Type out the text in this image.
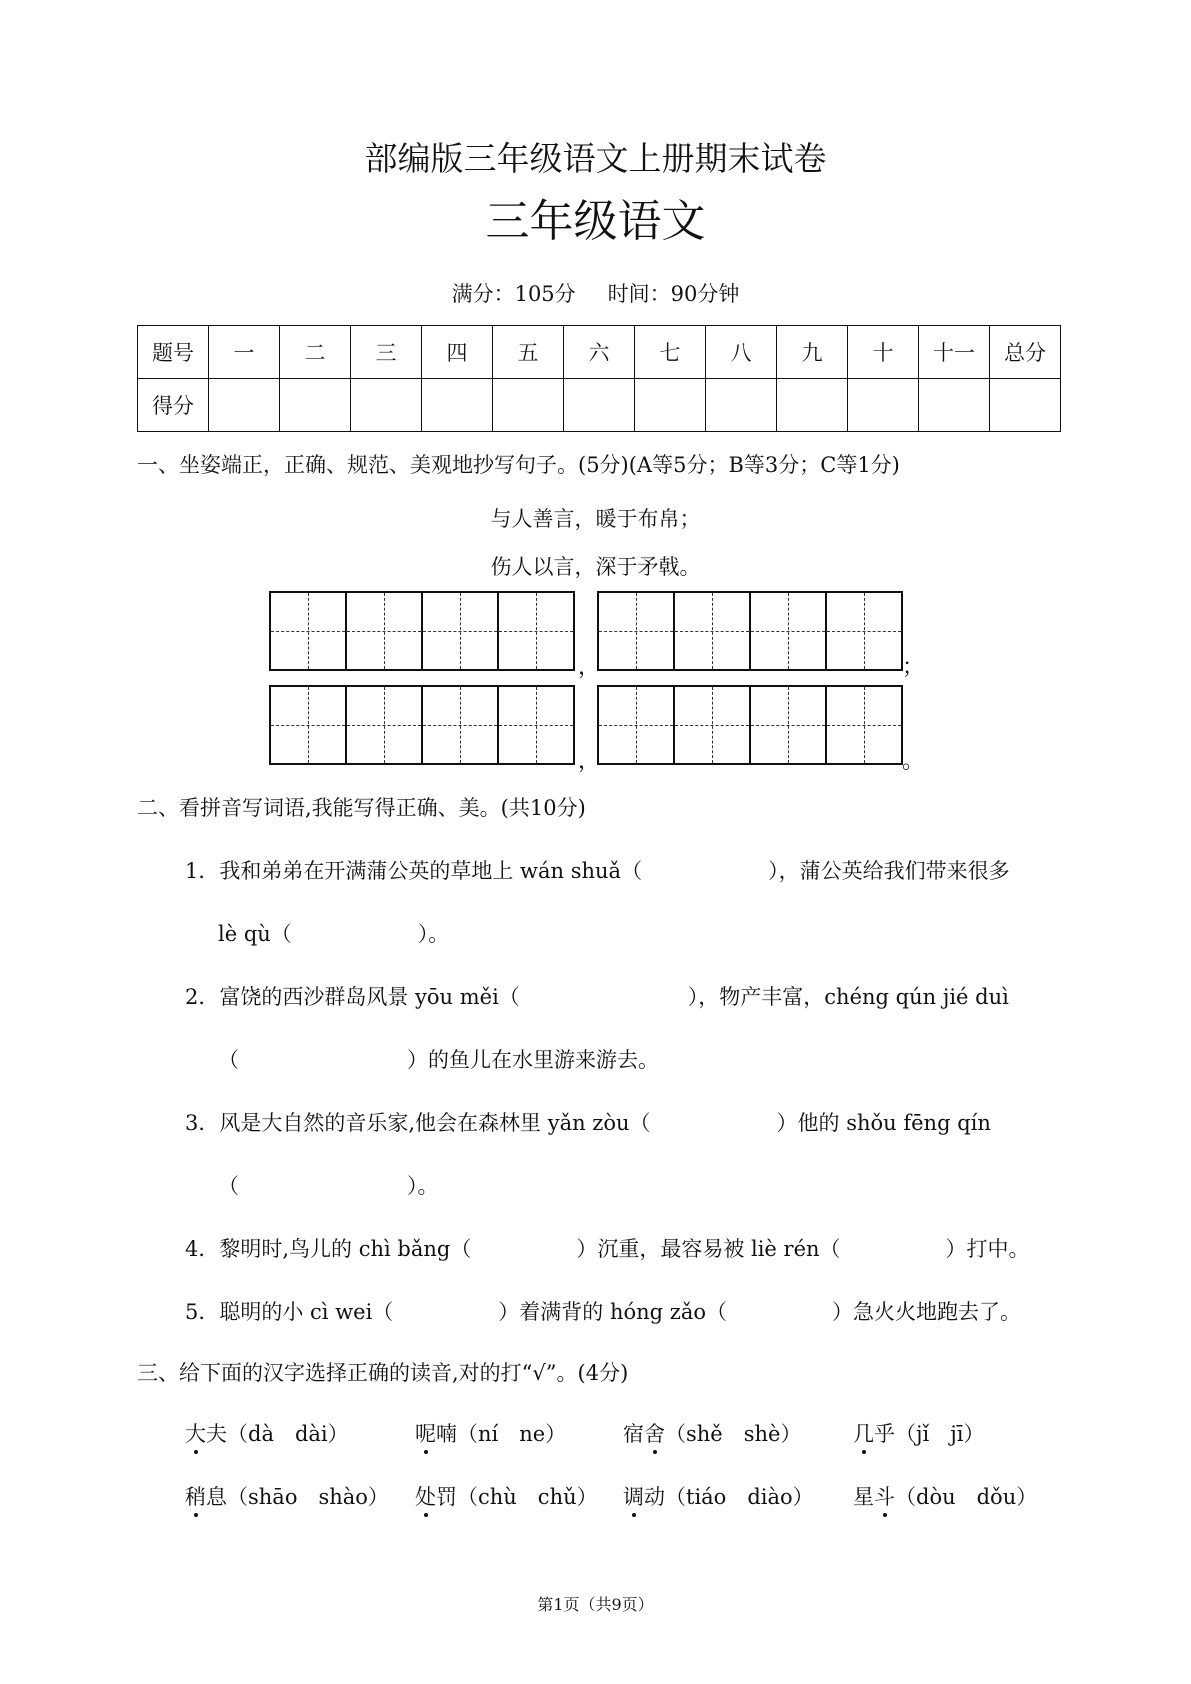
部编版三年级语文上册期末试卷
三年级语文
满分：105分 时间：90分钟
题号	一	二	三	四	五	六	七	八	九	十	十一	总分
得分												
一、坐姿端正，正确、规范、美观地抄写句子。(5分)(A等5分；B等3分；C等1分)
与人善言，暖于布帛；
伤人以言，深于矛戟。
，	；
，	。
二、看拼音写词语,我能写得正确、美。(共10分)
1．我和弟弟在开满蒲公英的草地上 wán shuǎ（　　　　　　），蒲公英给我们带来很多
lè qù（　　　　　　）。
2．富饶的西沙群岛风景 yōu měi（　　　　　　　　），物产丰富，chéng qún jié duì
（　　　　　　　　）的鱼儿在水里游来游去。
3．风是大自然的音乐家,他会在森林里 yǎn zòu（　　　　　　）他的 shǒu fēng qín
（　　　　　　　　）。
4．黎明时,鸟儿的 chì bǎng（　　　　　）沉重，最容易被 liè rén（　　　　　）打中。
5．聪明的小 cì wei（　　　　　）着满背的 hóng zǎo（　　　　　）急火火地跑去了。
三、给下面的汉字选择正确的读音,对的打“√”。(4分)
大夫（dà　dài）	呢喃（ní　ne）	宿舍（shě　shè） 几乎（jǐ　jī）
稍息（shāo　shào） 处罚（chù　chǔ） 调动（tiáo　diào） 星斗（dòu　dǒu）
第1页（共9页）
